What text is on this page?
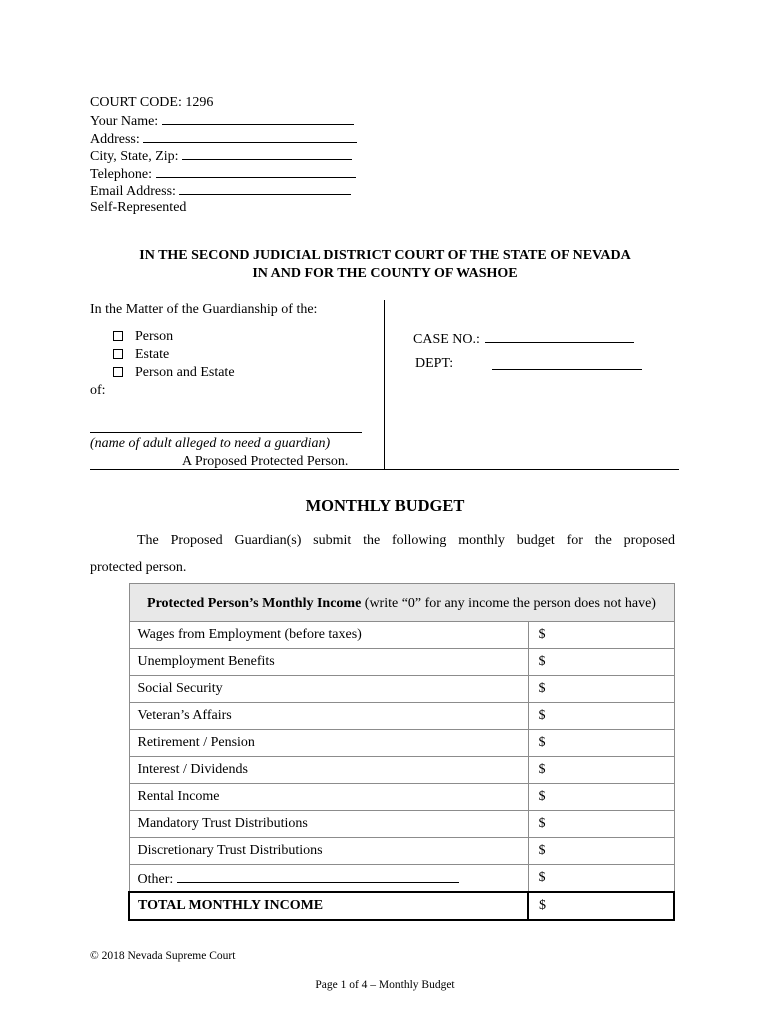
COURT CODE: 1296
Your Name:
Address:
City, State, Zip:
Telephone:
Email Address:
Self-Represented
IN THE SECOND JUDICIAL DISTRICT COURT OF THE STATE OF NEVADA
IN AND FOR THE COUNTY OF WASHOE
In the Matter of the Guardianship of the:
Person
Estate
Person and Estate
of:
(name of adult alleged to need a guardian)
A Proposed Protected Person.
CASE NO.:
DEPT:
MONTHLY BUDGET
The Proposed Guardian(s) submit the following monthly budget for the proposed
protected person.
Protected Person’s Monthly Income (write “0” for any income the person does not have)	
Wages from Employment (before taxes)	$
Unemployment Benefits	$
Social Security	$
Veteran’s Affairs	$
Retirement / Pension	$
Interest / Dividends	$
Rental Income	$
Mandatory Trust Distributions	$
Discretionary Trust Distributions	$
Other:	$
TOTAL MONTHLY INCOME	$
© 2018 Nevada Supreme Court
Page 1 of 4 – Monthly Budget
